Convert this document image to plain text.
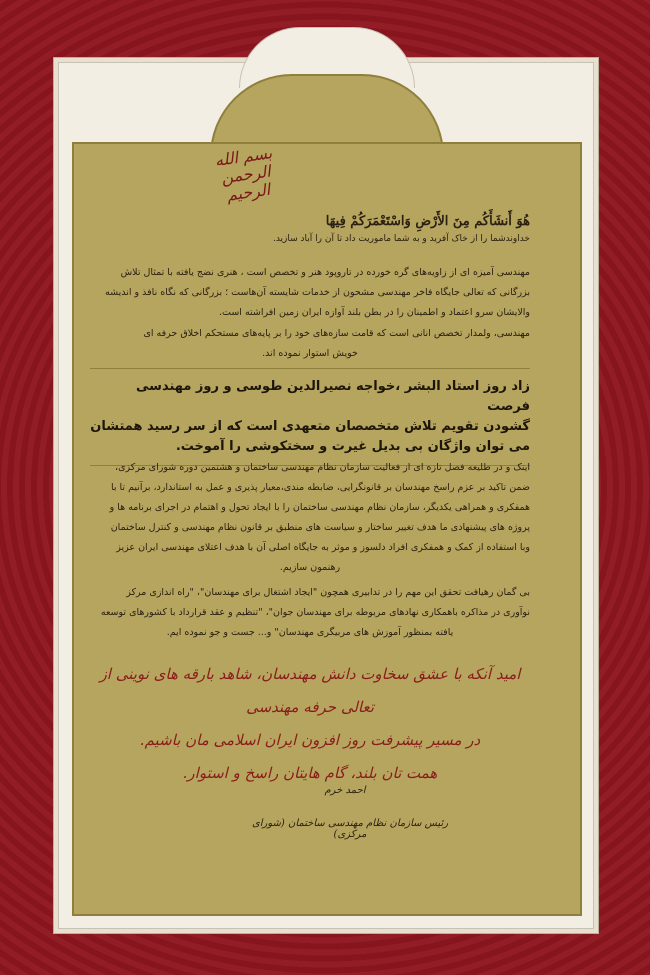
بسم الله الرحمن الرحیم
هُوَ أَنشَأَکُم مِنَ الأَرْضِ وَاسْتَعْمَرَکُمْ فِیهَا
خداوندشما را از خاک آفرید و به شما ماموریت داد تا آن را آباد سازید.
مهندسی آمیزه ای از زاویه‌های گره خورده در تاروپود هنر و تخصص است ، هنری نضج یافته با تمثال تلاش
بزرگانی که تعالی جایگاه فاخر مهندسی مشحون از خدمات شایسته آن‌هاست ؛ بزرگانی که نگاه نافذ و اندیشه
والایشان سرو اعتماد و اطمینان را در بطن بلند آوازه ایران زمین افراشته است.
مهندسی، ولمدار تخصص انانی است که قامت سازه‌های خود را بر پایه‌های مستحکم اخلاق حرفه ای
خویش استوار نموده اند.
زاد روز استاد البشر ،خواجه نصیرالدین طوسی و روز مهندسی فرصت
گشودن تقویم تلاش متخصصان متعهدی است که از سر رسید همتشان
می توان واژگان بی بدیل غیرت و سختکوشی را آموخت.
اینک و در طلیعه فصل تازه ای از فعالیت سازمان نظام مهندسی ساختمان و هشتمین دوره شورای مرکزی،
ضمن تاکید بر عزم راسخ مهندسان بر قانونگرایی، ضابطه مندی،معیار پذیری و عمل به استاندارد، برآنیم تا با
همفکری و همراهی یکدیگر، سازمان نظام مهندسی ساختمان را با ایجاد تحول و اهتمام در اجرای برنامه ها و
پروژه های پیشنهادی ما هدف تغییر ساختار و سیاست های منطبق بر قانون نظام مهندسی و کنترل ساختمان
وبا استفاده از کمک و همفکری افراد دلسوز و موثر به جایگاه اصلی آن با هدف اعتلای مهندسی ایران عزیز
رهنمون سازیم.
بی گمان رهیافت تحقق این مهم را در تدابیری همچون "ایجاد اشتغال برای مهندسان"، "راه اندازی مرکز
نوآوری در مذاکره باهمکاری نهادهای مربوطه برای مهندسان جوان"، "تنظیم و عقد قرارداد با کشورهای توسعه
یافته بمنظور آموزش های مربیگری مهندسان" و... جست و جو نموده ایم.
امید آنکه با عشق سخاوت دانش مهندسان، شاهد بارقه های نوینی از تعالی حرفه مهندسی
در مسیر پیشرفت روز افزون ایران اسلامی مان باشیم.
همت تان بلند، گام هایتان راسخ و استوار.
احمد خرم
رئیس سازمان نظام مهندسی ساختمان (شورای مرکزی)
